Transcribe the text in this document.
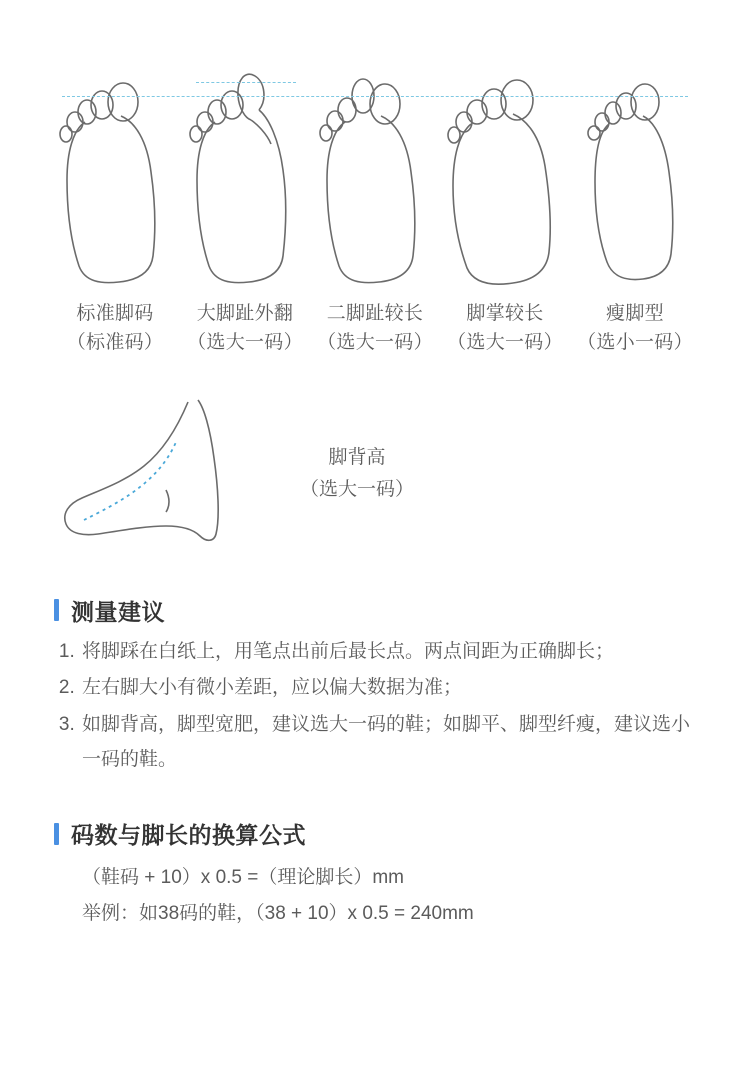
标准脚码
（标准码）
大脚趾外翻
（选大一码）
二脚趾较长
（选大一码）
脚掌较长
（选大一码）
瘦脚型
（选小一码）
脚背高
（选大一码）
测量建议
1. 将脚踩在白纸上，用笔点出前后最长点。两点间距为正确脚长；
2. 左右脚大小有微小差距，应以偏大数据为准；
3. 如脚背高，脚型宽肥，建议选大一码的鞋；如脚平、脚型纤瘦，建议选小一码的鞋。
码数与脚长的换算公式
（鞋码 + 10）x 0.5 =（理论脚长）mm
举例：如38码的鞋，（38 + 10）x 0.5 = 240mm
